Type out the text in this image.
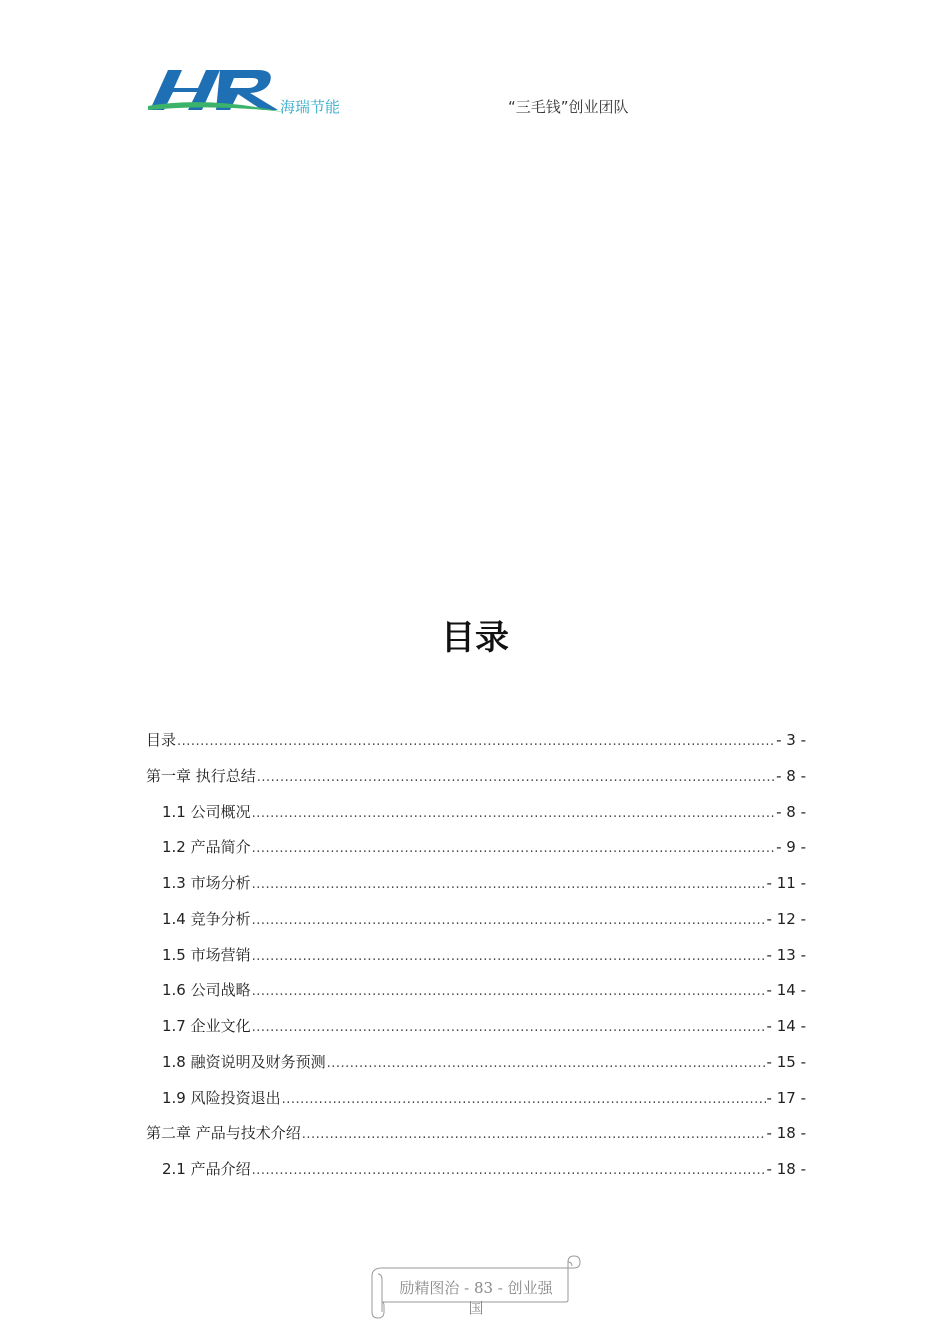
海瑞节能	“三毛钱”创业团队
目录
目录 .....	- 3 -
第一章 执行总结 .....	- 8 -
1.1 公司概况 .....	- 8 -
1.2 产品简介 .....	- 9 -
1.3 市场分析 .....	- 11 -
1.4 竞争分析 .....	- 12 -
1.5 市场营销 .....	- 13 -
1.6 公司战略 .....	- 14 -
1.7 企业文化 .....	- 14 -
1.8 融资说明及财务预测 .....	- 15 -
1.9 风险投资退出 .....	- 17 -
第二章 产品与技术介绍 .....	- 18 -
2.1 产品介绍 .....	- 18 -
励精图治 - 83 - 创业强国
